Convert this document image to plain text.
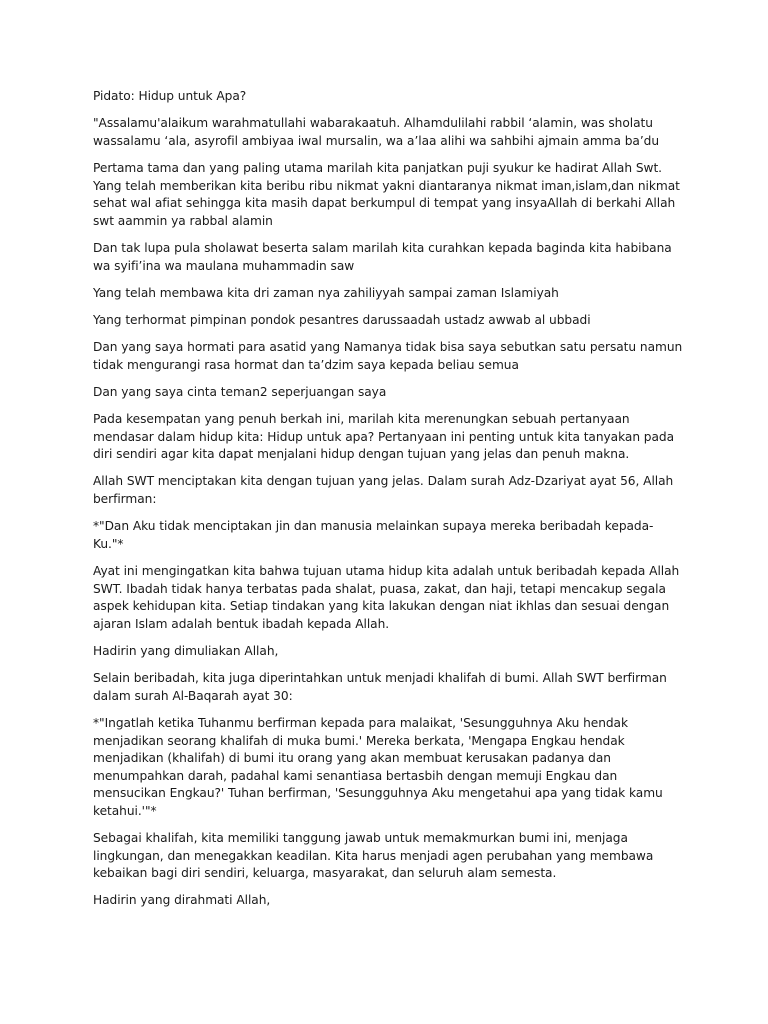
Pidato: Hidup untuk Apa?

"Assalamu'alaikum warahmatullahi wabarakaatuh. Alhamdulilahi rabbil ‘alamin, was sholatu wassalamu ‘ala, asyrofil ambiyaa iwal mursalin, wa a’laa alihi wa sahbihi ajmain amma ba’du

Pertama tama dan yang paling utama marilah kita panjatkan puji syukur ke hadirat Allah Swt. Yang telah memberikan kita beribu ribu nikmat yakni diantaranya nikmat iman,islam,dan nikmat sehat wal afiat sehingga kita masih dapat berkumpul di tempat yang insyaAllah di berkahi Allah swt aammin ya rabbal alamin

Dan tak lupa pula sholawat beserta salam marilah kita curahkan kepada baginda kita habibana wa syifi’ina wa maulana muhammadin saw

Yang telah membawa kita dri zaman nya zahiliyyah sampai zaman Islamiyah

Yang terhormat pimpinan pondok pesantres darussaadah ustadz awwab al ubbadi

Dan yang saya hormati para asatid yang Namanya tidak bisa saya sebutkan satu persatu namun tidak mengurangi rasa hormat dan ta’dzim saya kepada beliau semua

Dan yang saya cinta teman2 seperjuangan saya

Pada kesempatan yang penuh berkah ini, marilah kita merenungkan sebuah pertanyaan mendasar dalam hidup kita: Hidup untuk apa? Pertanyaan ini penting untuk kita tanyakan pada diri sendiri agar kita dapat menjalani hidup dengan tujuan yang jelas dan penuh makna.

Allah SWT menciptakan kita dengan tujuan yang jelas. Dalam surah Adz-Dzariyat ayat 56, Allah berfirman:

*"Dan Aku tidak menciptakan jin dan manusia melainkan supaya mereka beribadah kepada-Ku."*

Ayat ini mengingatkan kita bahwa tujuan utama hidup kita adalah untuk beribadah kepada Allah SWT. Ibadah tidak hanya terbatas pada shalat, puasa, zakat, dan haji, tetapi mencakup segala aspek kehidupan kita. Setiap tindakan yang kita lakukan dengan niat ikhlas dan sesuai dengan ajaran Islam adalah bentuk ibadah kepada Allah.

Hadirin yang dimuliakan Allah,

Selain beribadah, kita juga diperintahkan untuk menjadi khalifah di bumi. Allah SWT berfirman dalam surah Al-Baqarah ayat 30:

*"Ingatlah ketika Tuhanmu berfirman kepada para malaikat, 'Sesungguhnya Aku hendak menjadikan seorang khalifah di muka bumi.' Mereka berkata, 'Mengapa Engkau hendak menjadikan (khalifah) di bumi itu orang yang akan membuat kerusakan padanya dan menumpahkan darah, padahal kami senantiasa bertasbih dengan memuji Engkau dan mensucikan Engkau?' Tuhan berfirman, 'Sesungguhnya Aku mengetahui apa yang tidak kamu ketahui.'"*

Sebagai khalifah, kita memiliki tanggung jawab untuk memakmurkan bumi ini, menjaga lingkungan, dan menegakkan keadilan. Kita harus menjadi agen perubahan yang membawa kebaikan bagi diri sendiri, keluarga, masyarakat, dan seluruh alam semesta.

Hadirin yang dirahmati Allah,
